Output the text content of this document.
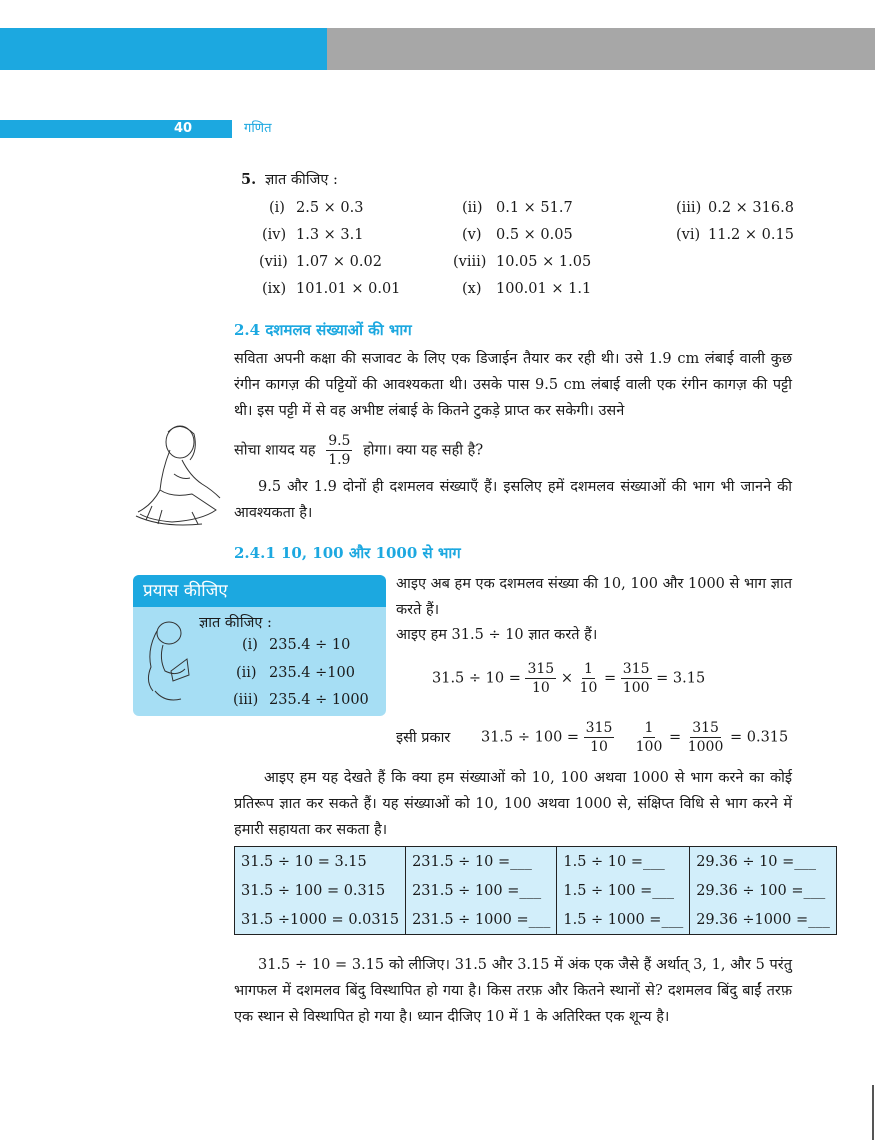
40	गणित
5. ज्ञात कीजिए :
(i) 2.5 × 0.3	(ii) 0.1 × 51.7	(iii) 0.2 × 316.8
(iv) 1.3 × 3.1	(v) 0.5 × 0.05	(vi) 11.2 × 0.15
(vii) 1.07 × 0.02	(viii) 10.05 × 1.05
(ix) 101.01 × 0.01	(x) 100.01 × 1.1
2.4 दशमलव संख्याओं की भाग
सविता अपनी कक्षा की सजावट के लिए एक डिजाईन तैयार कर रही थी। उसे 1.9 cm लंबाई वाली कुछ रंगीन कागज़ की पट्टियों की आवश्यकता थी। उसके पास 9.5 cm लंबाई वाली एक रंगीन कागज़ की पट्टी थी। इस पट्टी में से वह अभीष्ट लंबाई के कितने टुकड़े प्राप्त कर सकेगी। उसने
सोचा शायद यह $\frac{9.5}{1.9}$ होगा। क्या यह सही है?
9.5 और 1.9 दोनों ही दशमलव संख्याएँ हैं। इसलिए हमें दशमलव संख्याओं की भाग भी जानने की आवश्यकता है।
2.4.1 10, 100 और 1000 से भाग
प्रयास कीजिए
ज्ञात कीजिए :
(i) 235.4 ÷ 10
(ii) 235.4 ÷100
(iii) 235.4 ÷ 1000
आइए अब हम एक दशमलव संख्या की 10, 100 और 1000 से भाग ज्ञात करते हैं।
आइए हम 31.5 ÷ 10 ज्ञात करते हैं।
$31.5 \div 10 = \frac{315}{10} \times \frac{1}{10} = \frac{315}{100} = 3.15$
इसी प्रकार $31.5 \div 100 = \frac{315}{10}$
$\frac{1}{100} = \frac{315}{1000} = 0.315$
आइए हम यह देखते हैं कि क्या हम संख्याओं को 10, 100 अथवा 1000 से भाग करने का कोई प्रतिरूप ज्ञात कर सकते हैं। यह संख्याओं को 10, 100 अथवा 1000 से, संक्षिप्त विधि से भाग करने में हमारी सहायता कर सकता है।
31.5 ÷ 10 = 3.15	231.5 ÷ 10 =___	1.5 ÷ 10 =___	29.36 ÷ 10 =___
31.5 ÷ 100 = 0.315	231.5 ÷ 100 =___	1.5 ÷ 100 =___	29.36 ÷ 100 =___
31.5 ÷1000 = 0.0315	231.5 ÷ 1000 =___	1.5 ÷ 1000 =___	29.36 ÷1000 =___
31.5 ÷ 10 = 3.15 को लीजिए। 31.5 और 3.15 में अंक एक जैसे हैं अर्थात् 3, 1, और 5 परंतु भागफल में दशमलव बिंदु विस्थापित हो गया है। किस तरफ़ और कितने स्थानों से? दशमलव बिंदु बाईं तरफ़ एक स्थान से विस्थापित हो गया है। ध्यान दीजिए 10 में 1 के अतिरिक्त एक शून्य है।
